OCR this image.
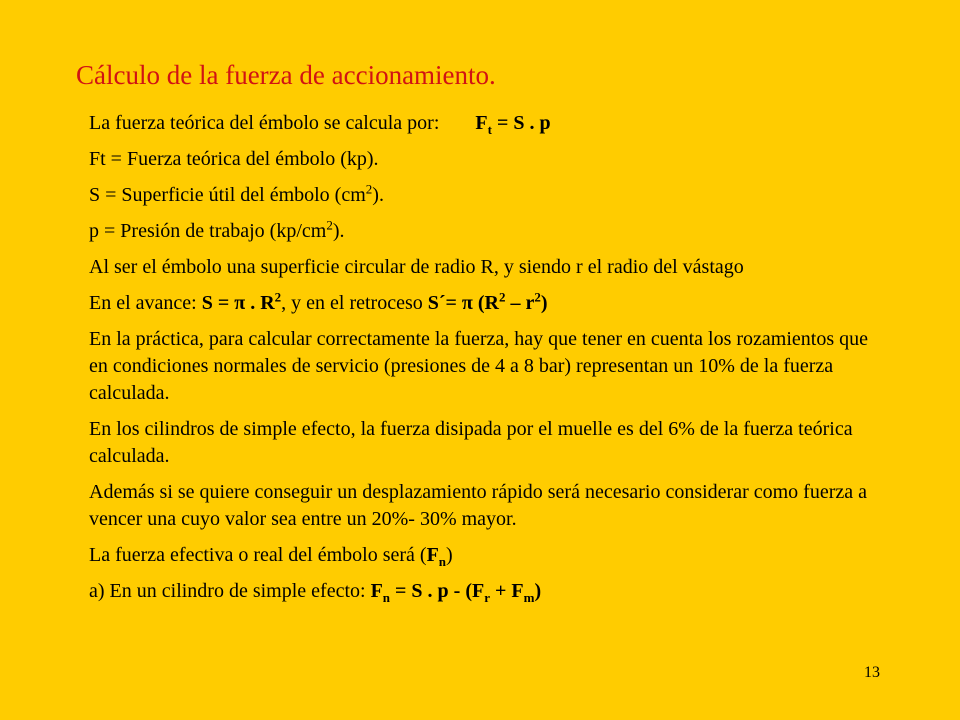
Cálculo de la fuerza de accionamiento.
La fuerza teórica del émbolo se calcula por: $F_t = S$ . p
Ft = Fuerza teórica del émbolo (kp).
S = Superficie útil del émbolo $(cm^2)$.
p = Presión de trabajo $(kp/cm^2)$.
Al ser el émbolo una superficie circular de radio R, y siendo r el radio del vástago
En el avance: S = π . $R^2$, y en el retroceso S´= π $(R^2 - r^2)$
En la práctica, para calcular correctamente la fuerza, hay que tener en cuenta los rozamientos que en condiciones normales de servicio (presiones de 4 a 8 bar) representan un 10% de la fuerza calculada.
En los cilindros de simple efecto, la fuerza disipada por el muelle es del 6% de la fuerza teórica calculada.
Además si se quiere conseguir un desplazamiento rápido será necesario considerar como fuerza a vencer una cuyo valor sea entre un 20%- 30% mayor.
La fuerza efectiva o real del émbolo será $(F_n)$
a) En un cilindro de simple efecto: $F_n = S$ . $p - (F_r + F_m)$
13
